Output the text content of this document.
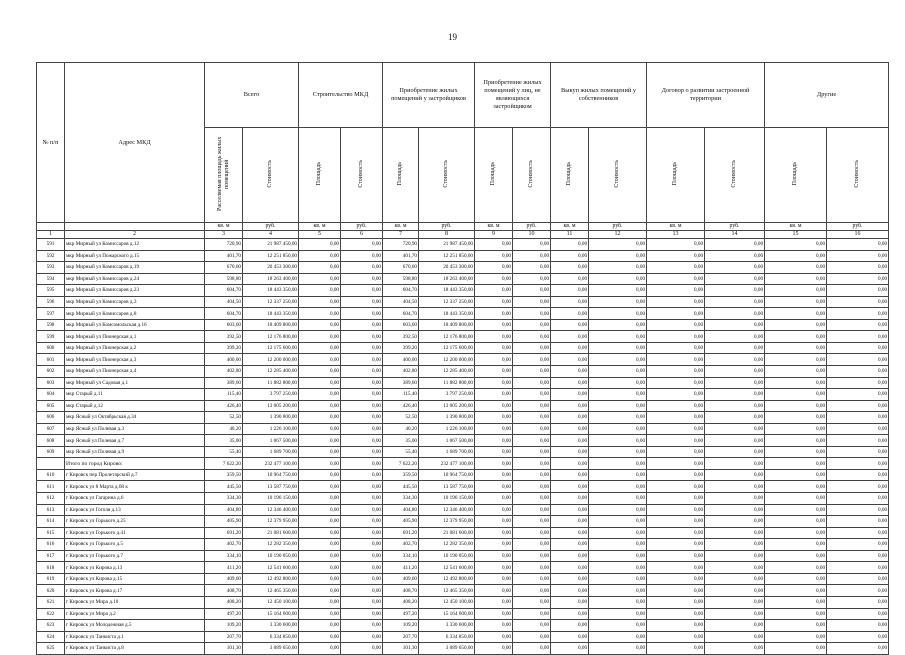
19
№ п/п	Адрес МКД	Всего		Строительство МКД		Приобретение жилых помещений у застройщиков		Приобретение жилых помещений у лиц, не являющихся застройщиком		Выкуп жилых помещений у собственников		Договор о развитии застроенной территории		Другие	
		Расселяемая площадь жилых помещений	Стоимость	Площадь	Стоимость	Площадь	Стоимость	Площадь	Стоимость	Площадь	Стоимость	Площадь	Стоимость	Площадь	Стоимость
		кв. м	руб.	кв. м	руб.	кв. м	руб.	кв. м	руб.	кв. м	руб.	кв. м	руб.	кв. м	руб.
1	2	3	4	5	6	7	8	9	10	11	12	13	14	15	16
591	мкр Мирный ул Комиссаров д.12	720,90	21 987 450,00	0,00	0,00	720,90	21 987 450,00	0,00	0,00	0,00	0,00	0,00	0,00	0,00	0,00
592	мкр Мирный ул Пожарского д.15	401,70	12 251 850,00	0,00	0,00	401,70	12 251 850,00	0,00	0,00	0,00	0,00	0,00	0,00	0,00	0,00
593	мкр Мирный ул Комиссаров д.19	670,60	20 453 300,00	0,00	0,00	670,60	20 453 300,00	0,00	0,00	0,00	0,00	0,00	0,00	0,00	0,00
594	мкр Мирный ул Комиссаров д.24	598,80	18 263 400,00	0,00	0,00	598,80	18 263 400,00	0,00	0,00	0,00	0,00	0,00	0,00	0,00	0,00
595	мкр Мирный ул Комиссаров д.23	604,70	18 443 350,00	0,00	0,00	604,70	18 443 350,00	0,00	0,00	0,00	0,00	0,00	0,00	0,00	0,00
596	мкр Мирный ул Комиссаров д.3	404,50	12 337 250,00	0,00	0,00	404,50	12 337 250,00	0,00	0,00	0,00	0,00	0,00	0,00	0,00	0,00
597	мкр Мирный ул Комиссаров д.8	604,70	18 443 350,00	0,00	0,00	604,70	18 443 350,00	0,00	0,00	0,00	0,00	0,00	0,00	0,00	0,00
598	мкр Мирный ул Комсомольская д.16	603,60	18 409 800,00	0,00	0,00	603,60	18 409 800,00	0,00	0,00	0,00	0,00	0,00	0,00	0,00	0,00
599	мкр Мирный ул Пионерская д.1	392,50	12 176 800,00	0,00	0,00	392,50	12 176 800,00	0,00	0,00	0,00	0,00	0,00	0,00	0,00	0,00
600	мкр Мирный ул Пионерская д.2	399,20	12 175 600,00	0,00	0,00	399,20	12 175 600,00	0,00	0,00	0,00	0,00	0,00	0,00	0,00	0,00
601	мкр Мирный ул Пионерская д.3	400,00	12 200 000,00	0,00	0,00	400,00	12 200 000,00	0,00	0,00	0,00	0,00	0,00	0,00	0,00	0,00
602	мкр Мирный ул Пионерская д.4	402,80	12 285 400,00	0,00	0,00	402,80	12 285 400,00	0,00	0,00	0,00	0,00	0,00	0,00	0,00	0,00
603	мкр Мирный ул Садовая д.1	389,60	11 882 800,00	0,00	0,00	389,60	11 882 800,00	0,00	0,00	0,00	0,00	0,00	0,00	0,00	0,00
604	мкр Старый д.11	115,40	3 797 250,00	0,00	0,00	115,40	3 797 250,00	0,00	0,00	0,00	0,00	0,00	0,00	0,00	0,00
605	мкр Старый д.12	426,40	13 005 200,00	0,00	0,00	426,40	13 005 200,00	0,00	0,00	0,00	0,00	0,00	0,00	0,00	0,00
606	мкр Ясный ул Октябрьская д.34	52,50	1 390 800,00	0,00	0,00	52,50	1 390 800,00	0,00	0,00	0,00	0,00	0,00	0,00	0,00	0,00
607	мкр Ясный ул Полевая д.3	40,20	1 226 100,00	0,00	0,00	40,20	1 226 100,00	0,00	0,00	0,00	0,00	0,00	0,00	0,00	0,00
608	мкр Ясный ул Полевая д.7	35,00	1 067 500,00	0,00	0,00	35,00	1 067 500,00	0,00	0,00	0,00	0,00	0,00	0,00	0,00	0,00
609	мкр Ясный ул Полевая д.9	55,40	1 689 700,00	0,00	0,00	55,40	1 689 700,00	0,00	0,00	0,00	0,00	0,00	0,00	0,00	0,00
	Итого по город Кирово:	7 622,20	232 477 100,00	0,00	0,00	7 622,20	232 477 100,00	0,00	0,00	0,00	0,00	0,00	0,00	0,00	0,00
610	г Кировск пер Пролетарский д.7	359,50	10 964 750,00	0,00	0,00	359,50	10 964 750,00	0,00	0,00	0,00	0,00	0,00	0,00	0,00	0,00
611	г Кировск ул 8 Марта д.68 к	445,50	13 587 750,00	0,00	0,00	445,50	13 587 750,00	0,00	0,00	0,00	0,00	0,00	0,00	0,00	0,00
612	г Кировск ул Гагарина д.6	334,30	10 196 150,00	0,00	0,00	334,30	10 196 150,00	0,00	0,00	0,00	0,00	0,00	0,00	0,00	0,00
613	г Кировск ул Гоголя д.13	404,80	12 346 400,00	0,00	0,00	404,80	12 346 400,00	0,00	0,00	0,00	0,00	0,00	0,00	0,00	0,00
614	г Кировск ул Горького д.25	405,90	12 379 950,00	0,00	0,00	405,90	12 379 950,00	0,00	0,00	0,00	0,00	0,00	0,00	0,00	0,00
615	г Кировск ул Горького д.41	691,20	21 081 600,00	0,00	0,00	691,20	21 081 600,00	0,00	0,00	0,00	0,00	0,00	0,00	0,00	0,00
616	г Кировск ул Горького д.5	402,70	12 282 350,00	0,00	0,00	402,70	12 282 350,00	0,00	0,00	0,00	0,00	0,00	0,00	0,00	0,00
617	г Кировск ул Горького д.7	334,10	10 190 050,00	0,00	0,00	334,10	10 190 050,00	0,00	0,00	0,00	0,00	0,00	0,00	0,00	0,00
618	г Кировск ул Кирова д.13	411,20	12 541 600,00	0,00	0,00	411,20	12 541 600,00	0,00	0,00	0,00	0,00	0,00	0,00	0,00	0,00
619	г Кировск ул Кирова д.15	409,60	12 492 800,00	0,00	0,00	409,60	12 492 800,00	0,00	0,00	0,00	0,00	0,00	0,00	0,00	0,00
620	г Кировск ул Кирова д.17	408,70	12 465 350,00	0,00	0,00	408,70	12 465 350,00	0,00	0,00	0,00	0,00	0,00	0,00	0,00	0,00
621	г Кировск ул Мира д.10	408,20	12 450 100,00	0,00	0,00	408,20	12 450 100,00	0,00	0,00	0,00	0,00	0,00	0,00	0,00	0,00
622	г Кировск ул Мира д.2	497,20	15 164 600,00	0,00	0,00	497,20	15 164 600,00	0,00	0,00	0,00	0,00	0,00	0,00	0,00	0,00
623	г Кировск ул Молодежная д.5	109,20	3 330 600,00	0,00	0,00	109,20	3 330 600,00	0,00	0,00	0,00	0,00	0,00	0,00	0,00	0,00
624	г Кировск ул Танкиста д.1	207,70	6 334 850,00	0,00	0,00	207,70	6 334 850,00	0,00	0,00	0,00	0,00	0,00	0,00	0,00	0,00
625	г Кировск ул Танкиста д.8	101,30	3 089 650,00	0,00	0,00	101,30	3 089 650,00	0,00	0,00	0,00	0,00	0,00	0,00	0,00	0,00
